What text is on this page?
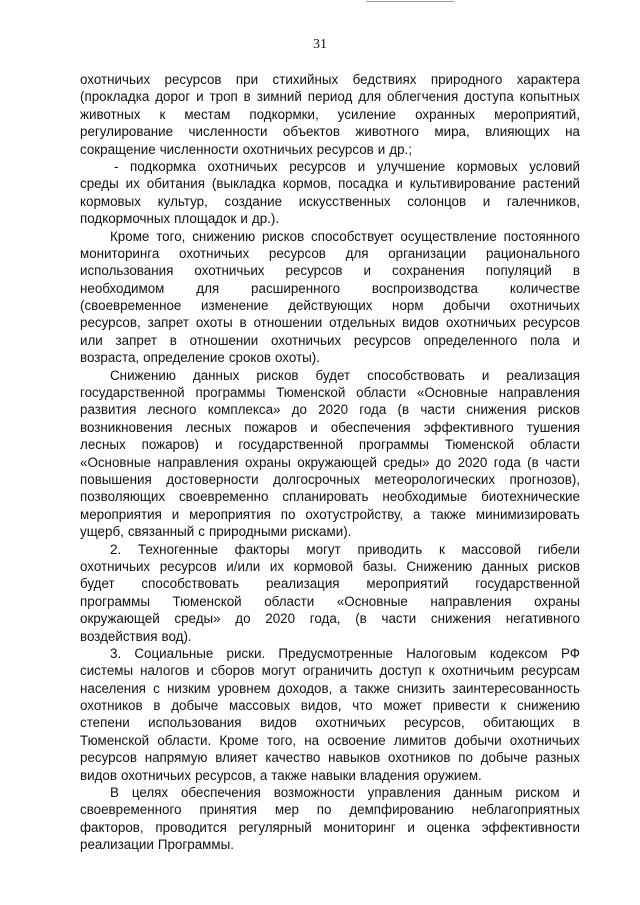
31
охотничьих ресурсов при стихийных бедствиях природного характера
(прокладка дорог и троп в зимний период для облегчения доступа копытных
животных к местам подкормки, усиление охранных мероприятий,
регулирование численности объектов животного мира, влияющих на
сокращение численности охотничьих ресурсов и др.;
- подкормка охотничьих ресурсов и улучшение кормовых условий
среды их обитания (выкладка кормов, посадка и культивирование растений
кормовых культур, создание искусственных солонцов и галечников,
подкормочных площадок и др.).
Кроме того, снижению рисков способствует осуществление постоянного
мониторинга охотничьих ресурсов для организации рационального
использования охотничьих ресурсов и сохранения популяций в
необходимом для расширенного воспроизводства количестве
(своевременное изменение действующих норм добычи охотничьих
ресурсов, запрет охоты в отношении отдельных видов охотничьих ресурсов
или запрет в отношении охотничьих ресурсов определенного пола и
возраста, определение сроков охоты).
Снижению данных рисков будет способствовать и реализация
государственной программы Тюменской области «Основные направления
развития лесного комплекса» до 2020 года (в части снижения рисков
возникновения лесных пожаров и обеспечения эффективного тушения
лесных пожаров) и государственной программы Тюменской области
«Основные направления охраны окружающей среды» до 2020 года (в части
повышения достоверности долгосрочных метеорологических прогнозов),
позволяющих своевременно спланировать необходимые биотехнические
мероприятия и мероприятия по охотустройству, а также минимизировать
ущерб, связанный с природными рисками).
2. Техногенные факторы могут приводить к массовой гибели
охотничьих ресурсов и/или их кормовой базы. Снижению данных рисков
будет способствовать реализация мероприятий государственной
программы Тюменской области «Основные направления охраны
окружающей среды» до 2020 года, (в части снижения негативного
воздействия вод).
3. Социальные риски. Предусмотренные Налоговым кодексом РФ
системы налогов и сборов могут ограничить доступ к охотничьим ресурсам
населения с низким уровнем доходов, а также снизить заинтересованность
охотников в добыче массовых видов, что может привести к снижению
степени использования видов охотничьих ресурсов, обитающих в
Тюменской области. Кроме того, на освоение лимитов добычи охотничьих
ресурсов напрямую влияет качество навыков охотников по добыче разных
видов охотничьих ресурсов, а также навыки владения оружием.
В целях обеспечения возможности управления данным риском и
своевременного принятия мер по демпфированию неблагоприятных
факторов, проводится регулярный мониторинг и оценка эффективности
реализации Программы.
